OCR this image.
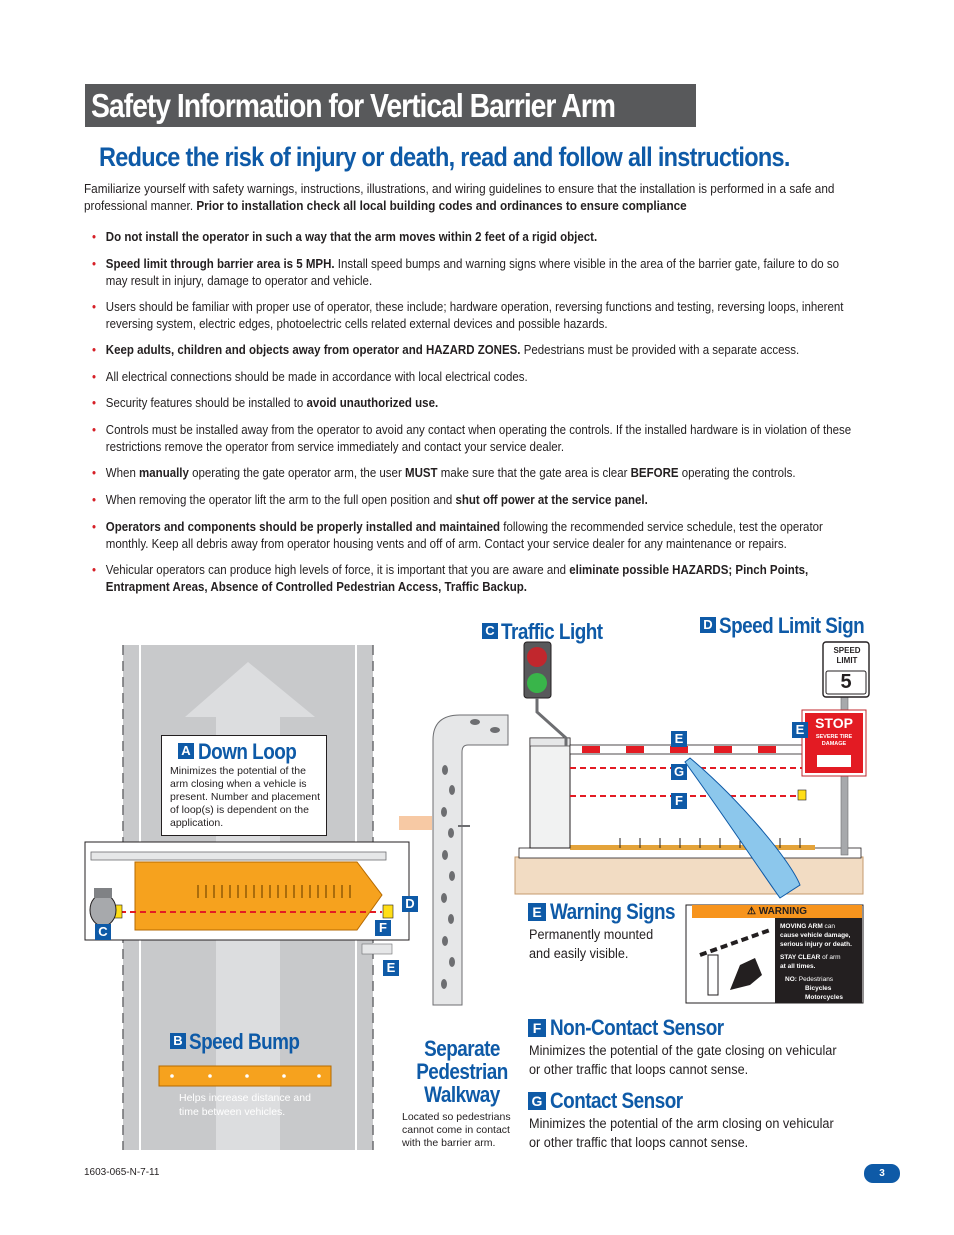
Safety Information for Vertical Barrier Arm
Reduce the risk of injury or death, read and follow all instructions.
Familiarize yourself with safety warnings, instructions, illustrations, and wiring guidelines to ensure that the installation is performed in a safe and professional manner. Prior to installation check all local building codes and ordinances to ensure compliance
• Do not install the operator in such a way that the arm moves within 2 feet of a rigid object.
• Speed limit through barrier area is 5 MPH. Install speed bumps and warning signs where visible in the area of the barrier gate, failure to do so may result in injury, damage to operator and vehicle.
• Users should be familiar with proper use of operator, these include; hardware operation, reversing functions and testing, reversing loops, inherent reversing system, electric edges, photoelectric cells related external devices and possible hazards.
• Keep adults, children and objects away from operator and HAZARD ZONES. Pedestrians must be provided with a separate access.
• All electrical connections should be made in accordance with local electrical codes.
• Security features should be installed to avoid unauthorized use.
• Controls must be installed away from the operator to avoid any contact when operating the controls. If the installed hardware is in violation of these restrictions remove the operator from service immediately and contact your service dealer.
• When manually operating the gate operator arm, the user MUST make sure that the gate area is clear BEFORE operating the controls.
• When removing the operator lift the arm to the full open position and shut off power at the service panel.
• Operators and components should be properly installed and maintained following the recommended service schedule, test the operator monthly. Keep all debris away from operator housing vents and off of arm. Contact your service dealer for any maintenance or repairs.
• Vehicular operators can produce high levels of force, it is important that you are aware and eliminate possible HAZARDS; Pinch Points, Entrapment Areas, Absence of Controlled Pedestrian Access, Traffic Backup.
C Traffic Light	D Speed Limit Sign
SPEED
LIMIT
5
STOP
SEVERE TIRE
DAMAGE
E
E
G
F
A Down Loop
Minimizes the potential of the arm closing when a vehicle is present. Number and placement of loop(s) is dependent on the application.
C
D
F
E
B Speed Bump
Helps increase distance and time between vehicles.
Separate
Pedestrian
Walkway
Located so pedestrians
cannot come in contact
with the barrier arm.
E Warning Signs
Permanently mounted
and easily visible.
⚠ WARNING
MOVING ARM can
cause vehicle damage,
serious injury or death.
STAY CLEAR of arm
at all times.
NO: Pedestrians
Bicycles
Motorcycles
F Non-Contact Sensor
Minimizes the potential of the gate closing on vehicular
or other traffic that loops cannot sense.
G Contact Sensor
Minimizes the potential of the arm closing on vehicular
or other traffic that loops cannot sense.
1603-065-N-7-11	3
